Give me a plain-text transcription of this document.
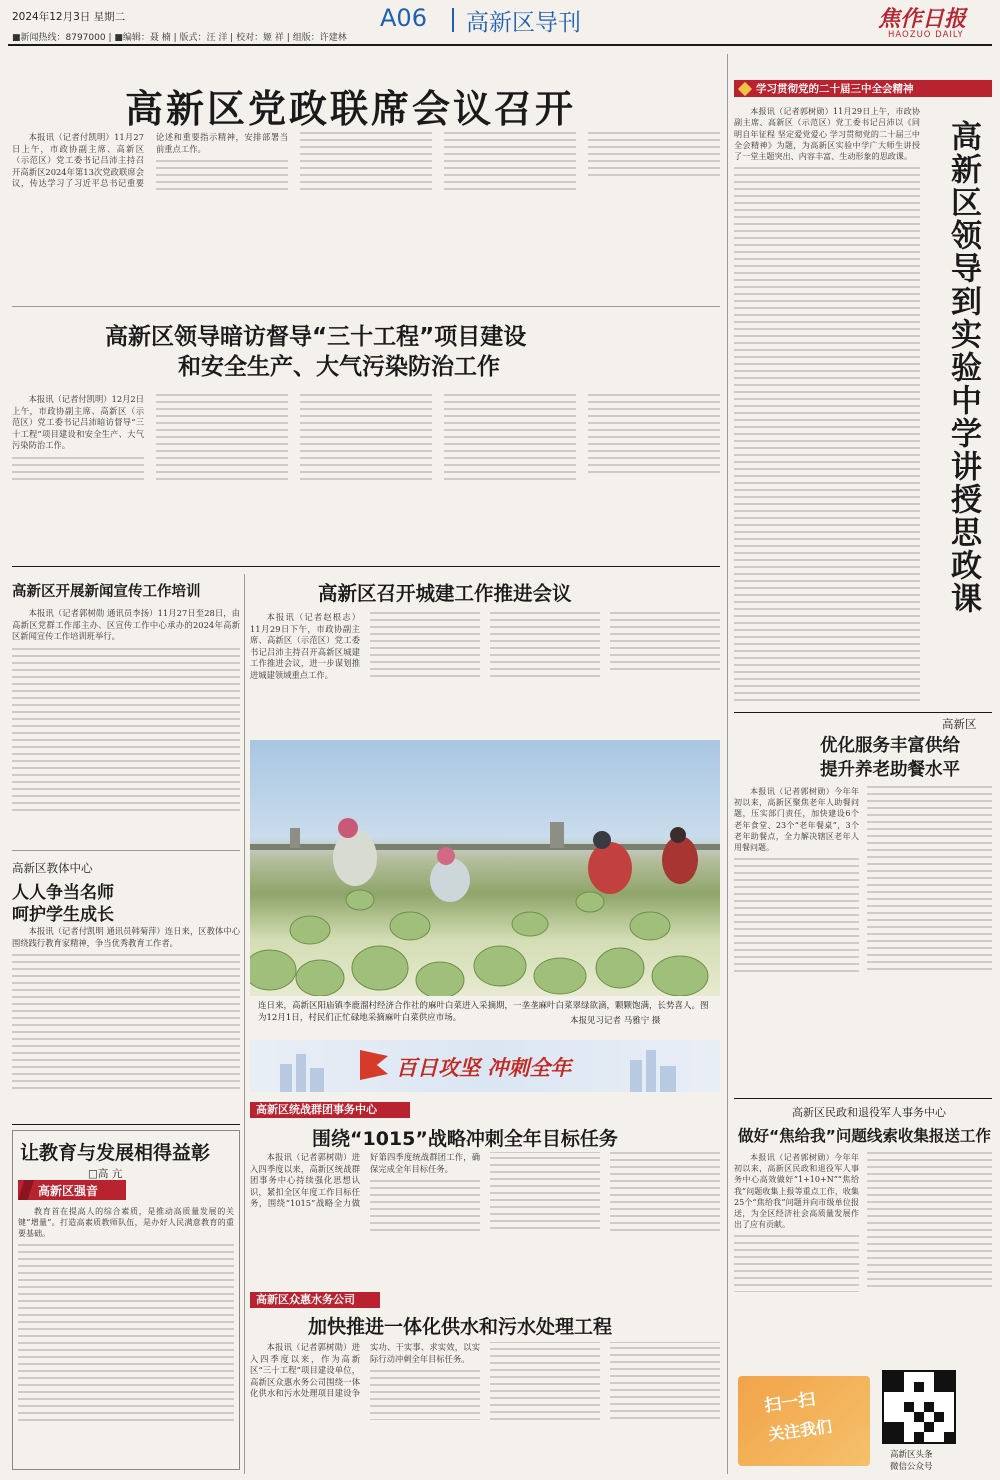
2024年12月3日 星期二	A06 高新区导刊	焦作日报
HAOZUO DAILY
■新闻热线：8797000 | ■编辑：聂 楠 | 版式：汪 洋 | 校对：姬 祥 | 组版：许建林
高新区党政联席会议召开

本报讯（记者付凯明）11月27日上午，市政协副主席、高新区（示范区）党工委书记吕沛主持召开高新区2024年第13次党政联席会议，传达学习了习近平总书记重要论述和重要指示精神，安排部署当前重点工作。

高新区领导暗访督导“三十工程”项目建设
和安全生产、大气污染防治工作

本报讯（记者付凯明）12月2日上午，市政协副主席、高新区（示范区）党工委书记吕沛暗访督导“三十工程”项目建设和安全生产、大气污染防治工作。

高新区开展新闻宣传工作培训

本报讯（记者郭树勋 通讯员李扬）11月27日至28日，由高新区党群工作部主办、区宣传工作中心承办的2024年高新区新闻宣传工作培训班举行。

高新区教体中心
人人争当名师
呵护学生成长

本报讯（记者付凯明 通讯员韩菊萍）连日来，区教体中心围绕践行教育家精神，争当优秀教育工作者。

让教育与发展相得益彰
□高 亢
高新区强音

教育首在提高人的综合素质，是推动高质量发展的关键“增量”。打造高素质教师队伍，是办好人民满意教育的重要基础。

高新区召开城建工作推进会议

本报讯（记者赵根志）11月29日下午，市政协副主席、高新区（示范区）党工委书记吕沛主持召开高新区城建工作推进会议，进一步谋划推进城建领域重点工作。

连日来，高新区阳庙镇李鹿溜村经济合作社的麻叶白菜进入采摘期，一垄垄麻叶白菜翠绿欲滴，颗颗饱满，长势喜人。图为12月1日，村民们正忙碌地采摘麻叶白菜供应市场。	本报见习记者 马雅宁 摄
百日攻坚 冲刺全年
高新区统战群团事务中心
围绕“1015”战略冲刺全年目标任务

本报讯（记者郭树勋）进入四季度以来，高新区统战群团事务中心持续强化思想认识，紧扣全区年度工作目标任务，围绕“1015”战略全力做好第四季度统战群团工作，确保完成全年目标任务。

高新区众惠水务公司
加快推进一体化供水和污水处理工程

本报讯（记者郭树勋）进入四季度以来，作为高新区“三十工程”项目建设单位，高新区众惠水务公司围绕一体化供水和污水处理项目建设争实功、干实事、求实效，以实际行动冲刺全年目标任务。

学习贯彻党的二十届三中全会精神

本报讯（记者郭树勋）11月29日上午，市政协副主席、高新区（示范区）党工委书记吕沛以《同明自年征程 坚定爱党爱心 学习贯彻党的二十届三中全会精神》为题，为高新区实验中学广大师生讲授了一堂主题突出、内容丰富、生动形象的思政课。	高新区领导到实验中学讲授思政课
高新区
优化服务丰富供给
提升养老助餐水平

本报讯（记者郭树勋）今年年初以来，高新区聚焦老年人助餐问题，压实部门责任，加快建设6个老年食堂、23个“老年餐桌”，3个老年助餐点，全力解决辖区老年人用餐问题。

高新区民政和退役军人事务中心
做好“焦给我”问题线索收集报送工作

本报讯（记者郭树勋）今年年初以来，高新区民政和退役军人事务中心高效做好“1+10+N”“焦给我”问题收集上报等重点工作，收集25个“焦给我”问题并向市级单位报送，为全区经济社会高质量发展作出了应有贡献。

扫一扫
关注我们
高新区头条
微信公众号
